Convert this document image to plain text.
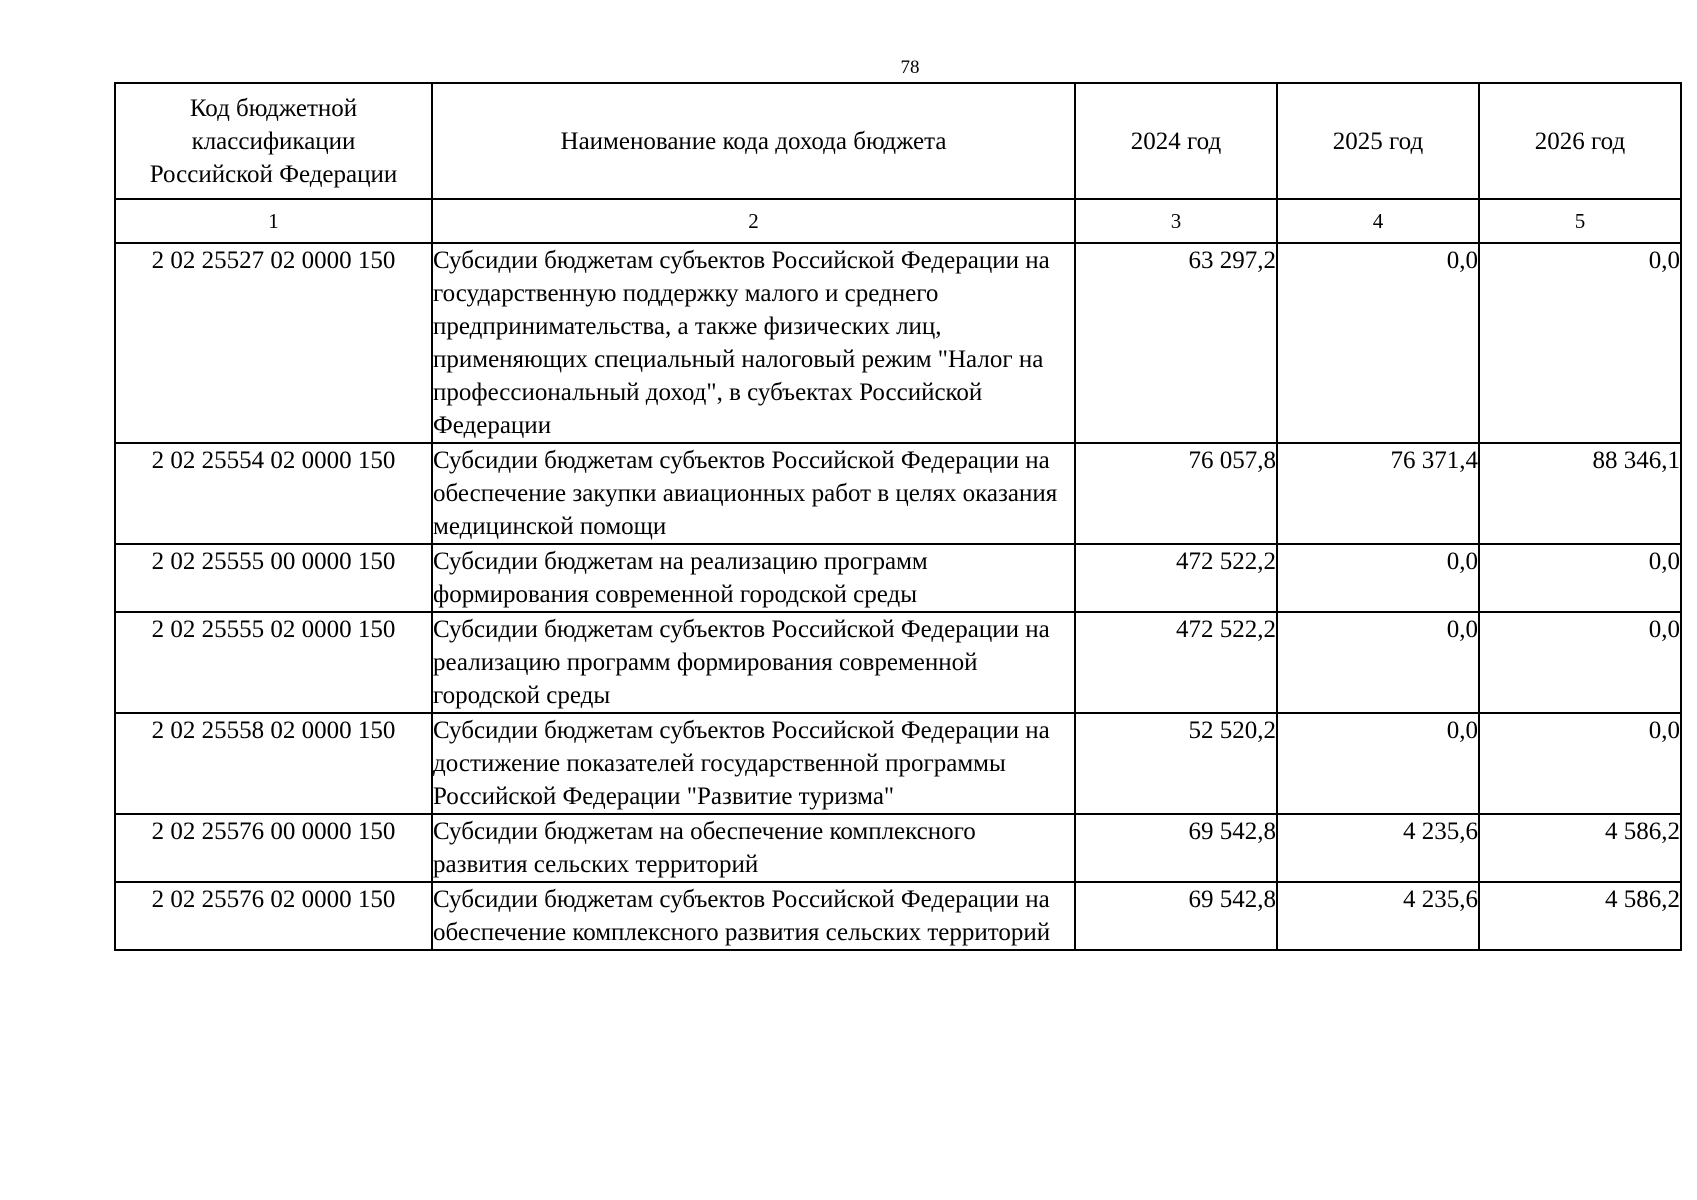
78
Код бюджетной
классификации
Российской Федерации	Наименование кода дохода бюджета	2024 год	2025 год	2026 год
1	2	3	4	5
2 02 25527 02 0000 150	Субсидии бюджетам субъектов Российской Федерации на государственную поддержку малого и среднего предпринимательства, а также физических лиц, применяющих специальный налоговый режим "Налог на профессиональный доход", в субъектах Российской Федерации	63 297,2	0,0	0,0
2 02 25554 02 0000 150	Субсидии бюджетам субъектов Российской Федерации на обеспечение закупки авиационных работ в целях оказания медицинской помощи	76 057,8	76 371,4	88 346,1
2 02 25555 00 0000 150	Субсидии бюджетам на реализацию программ формирования современной городской среды	472 522,2	0,0	0,0
2 02 25555 02 0000 150	Субсидии бюджетам субъектов Российской Федерации на реализацию программ формирования современной городской среды	472 522,2	0,0	0,0
2 02 25558 02 0000 150	Субсидии бюджетам субъектов Российской Федерации на достижение показателей государственной программы Российской Федерации "Развитие туризма"	52 520,2	0,0	0,0
2 02 25576 00 0000 150	Субсидии бюджетам на обеспечение комплексного развития сельских территорий	69 542,8	4 235,6	4 586,2
2 02 25576 02 0000 150	Субсидии бюджетам субъектов Российской Федерации на обеспечение комплексного развития сельских территорий	69 542,8	4 235,6	4 586,2
